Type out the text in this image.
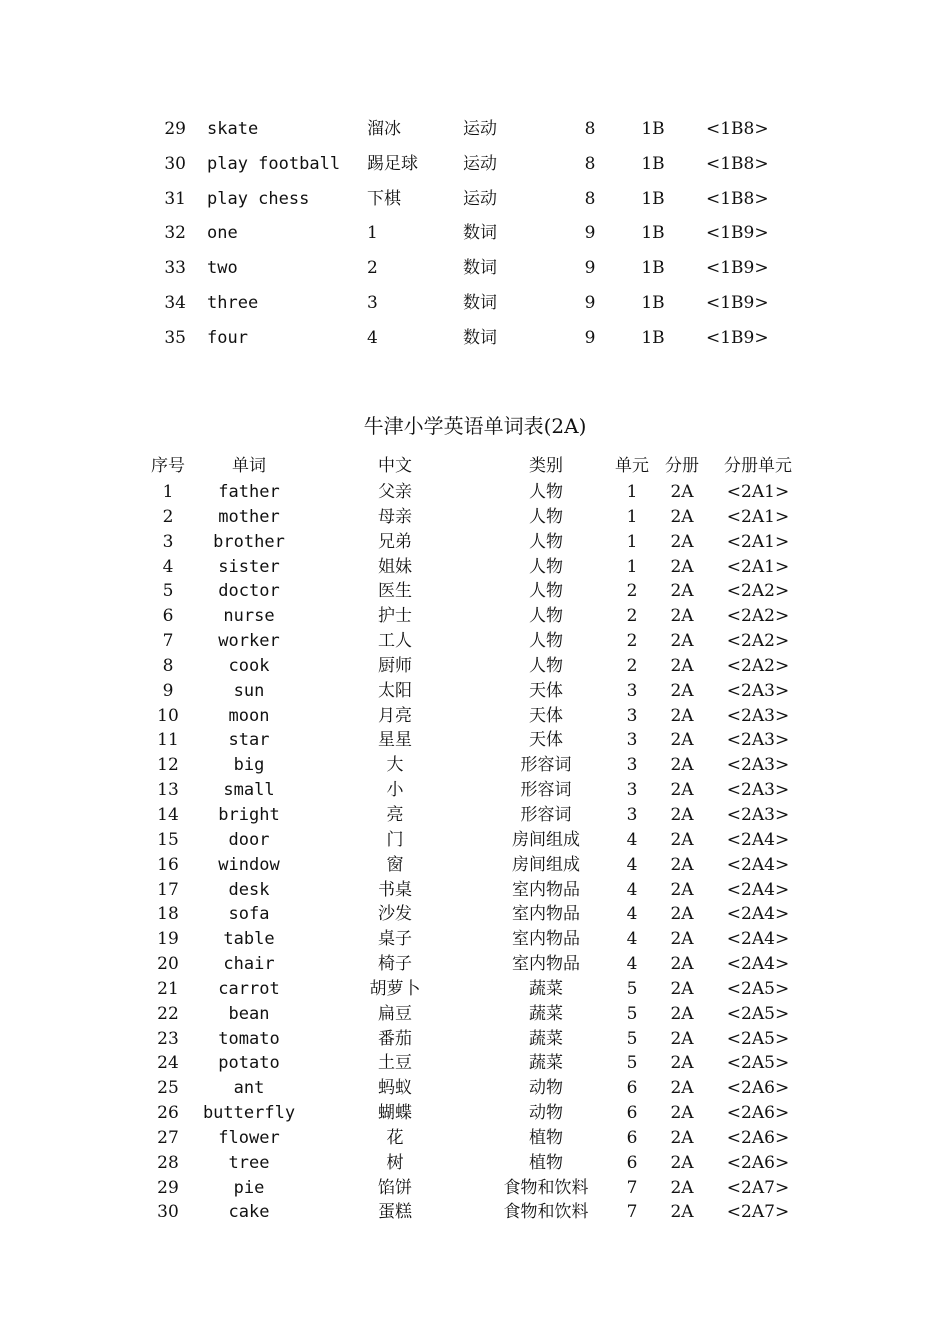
29 skate	溜冰	运动	8	1B <1B8>
30 play football 踢足球	运动	8	1B <1B8>
31 play chess	下棋	运动	8	1B <1B8>
32 one	1	数词	9	1B <1B9>
33 two	2	数词	9	1B <1B9>
34 three	3	数词	9	1B <1B9>
35 four	4	数词	9	1B <1B9>
牛津小学英语单词表(2A)
序号	单词	中文	类别	单元 分册	分册单元
1	father	父亲	人物	1	2A	<2A1>
2	mother	母亲	人物	1	2A	<2A1>
3	brother	兄弟	人物	1	2A	<2A1>
4	sister	姐妹	人物	1	2A	<2A1>
5	doctor	医生	人物	2	2A	<2A2>
6	nurse	护士	人物	2	2A	<2A2>
7	worker	工人	人物	2	2A	<2A2>
8	cook	厨师	人物	2	2A	<2A2>
9	sun	太阳	天体	3	2A	<2A3>
10	moon	月亮	天体	3	2A	<2A3>
11	star	星星	天体	3	2A	<2A3>
12	big	大	形容词	3	2A	<2A3>
13	small	小	形容词	3	2A	<2A3>
14	bright	亮	形容词	3	2A	<2A3>
15	door	门	房间组成	4	2A	<2A4>
16	window	窗	房间组成	4	2A	<2A4>
17	desk	书桌	室内物品	4	2A	<2A4>
18	sofa	沙发	室内物品	4	2A	<2A4>
19	table	桌子	室内物品	4	2A	<2A4>
20	chair	椅子	室内物品	4	2A	<2A4>
21	carrot	胡萝卜	蔬菜	5	2A	<2A5>
22	bean	扁豆	蔬菜	5	2A	<2A5>
23	tomato	番茄	蔬菜	5	2A	<2A5>
24	potato	土豆	蔬菜	5	2A	<2A5>
25	ant	蚂蚁	动物	6	2A	<2A6>
26	butterfly	蝴蝶	动物	6	2A	<2A6>
27	flower	花	植物	6	2A	<2A6>
28	tree	树	植物	6	2A	<2A6>
29	pie	馅饼	食物和饮料	7	2A	<2A7>
30	cake	蛋糕	食物和饮料	7	2A	<2A7>
